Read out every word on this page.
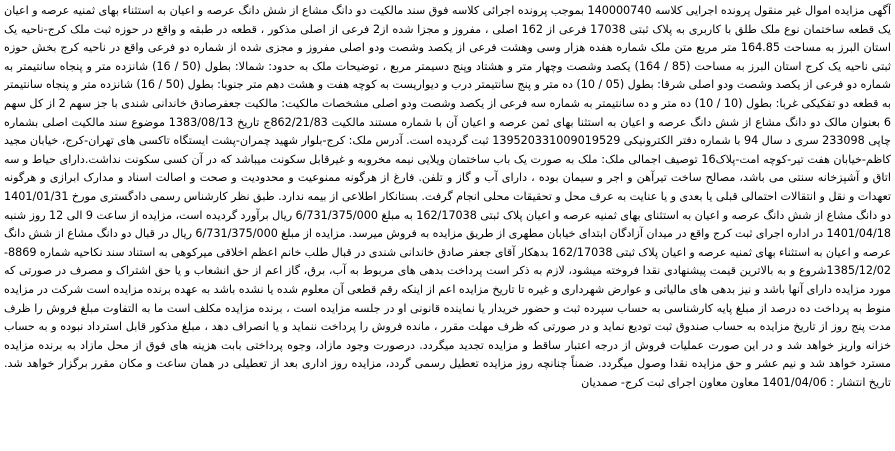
آگهی مزایده اموال غیر منقول پرونده اجرایی کلاسه 140000740 بموجب پرونده اجرائی کلاسه فوق سند مالکیت دو دانگ مشاع از شش دانگ عرصه و اعیان به استثناء بهای ثمنیه عرصه و اعیان یک قطعه ساختمان نوع ملک طلق با کاربری به پلاک ثبتی 17038 فرعی از 162 اصلی ، مفروز و مجزا شده از2 فرعی از اصلی مذکور ، قطعه در طبقه و واقع در حوزه ثبت ملک کرج-ناحیه یک استان البرز به مساحت 164.85 متر مربع متن ملک شماره هفده هزار وسی وهشت فرعی از یکصد وشصت ودو اصلی مفروز و مجزی شده از شماره دو فرعی واقع در ناحیه کرج بخش حوزه ثبتی ناحیه یک کرج استان البرز به مساحت (85 / 164) یکصد وشصت وچهار متر و هشتاد وپنج دسیمتر مربع ، توضیحات ملک به حدود: شمالا: بطول (50 / 16) شانزده متر و پنجاه سانتیمتر به شماره دو فرعی از یکصد وشصت ودو اصلی شرقا: بطول (05 / 10) ده متر و پنج سانتیمتر درب و دیواریست به کوچه هفت و هشت دهم متر جنوبا: بطول (50 / 16) شانزده متر و پنجاه سانتیمتر به قطعه دو تفکیکی غربا: بطول (10 / 10) ده متر و ده سانتیمتر به شماره سه فرعی از یکصد وشصت ودو اصلی مشخصات مالکیت: مالکیت جعفرصادق خاندانی شندی با جز سهم 2 از کل سهم 6 بعنوان مالک دو دانگ مشاع از شش دانگ عرصه و اعیان به استثنا بهای ثمن عرصه و اعیان آن با شماره مستند مالکیت 862/21/83ج تاریخ 1383/08/13 موضوع سند مالکیت اصلی بشماره چاپی 233098 سری د سال 94 با شماره دفتر الکترونیکی 139520331009019529 ثبت گردیده است. آدرس ملک: کرج-بلوار شهید چمران-پشت ایستگاه تاکسی های تهران-کرج، خیابان مجید کاظم-خیابان هفت تیر-کوچه امت-پلاک16 توصیف اجمالی ملک: ملک به صورت یک باب ساختمان ویلایی نیمه مخروبه و غیرقابل سکونت میباشد که در آن کسی سکونت نداشت.دارای حیاط و سه اتاق و آشپزخانه سنتی می باشد، مصالح ساخت تیرآهن و اجر و سیمان بوده ، دارای آب و گاز و تلفن. فارغ از هرگونه ممنوعیت و محدودیت و صحت و اصالت اسناد و مدارک ابرازی و هرگونه تعهدات و نقل و انتقالات احتمالی قبلی یا بعدی و یا عنایت به عرف محل و تحقیقات محلی انجام گرفت. بستانکار اطلاعی از بیمه ندارد. طبق نظر کارشناس رسمی دادگستری مورخ 1401/01/31 دو دانگ مشاع از شش دانگ عرصه و اعیان به استثنای بهای ثمنیه عرصه و اعیان پلاک ثبتی 162/17038 به مبلغ 6/731/375/000 ریال برآورد گردیده است، مزایده از ساعت 9 الی 12 روز شنبه 1401/04/18 در اداره اجرای ثبت کرج واقع در میدان آزادگان ابتدای خیابان مطهری از طریق مزایده به فروش میرسد. مزایده از مبلغ 6/731/375/000 ریال در قبال دو دانگ مشاع از شش دانگ عرصه و اعیان به استثناء بهای ثمنیه عرصه و اعیان پلاک ثبتی 162/17038 بدهکار آقای جعفر صادق خاندانی شندی در قبال طلب خانم اعظم اخلاقی میرکوهی به استناد سند نکاحیه شماره 8869- 1385/12/02شروع و به بالاترین قیمت پیشنهادی نقدا فروخته میشود، لازم به ذکر است پرداخت بدهی های مربوط به آب، برق، گاز اعم از حق انشعاب و یا حق اشتراک و مصرف در صورتی که مورد مزایده دارای آنها باشد و نیز بدهی های مالیاتی و عوارض شهرداری و غیره تا تاریخ مزایده اعم از اینکه رقم قطعی آن معلوم شده یا نشده باشد به عهده برنده مزایده است شرکت در مزایده منوط به پرداخت ده درصد از مبلغ پایه کارشناسی به حساب سپرده ثبت و حضور خریدار یا نماینده قانونی او در جلسه مزایده است ، برنده مزایده مکلف است ما به التفاوت مبلغ فروش را ظرف مدت پنج روز از تاریخ مزایده به حساب صندوق ثبت تودیع نماید و در صورتی که ظرف مهلت مقرر ، مانده فروش را پرداخت ننماید و یا انصراف دهد ، مبلغ مذکور قابل استرداد نبوده و به حساب خزانه واریز خواهد شد و در این صورت عملیات فروش از درجه اعتبار ساقط و مزایده تجدید میگردد. درصورت وجود مازاد، وجوه پرداختی بابت هزینه های فوق از محل مازاد به برنده مزایده مسترد خواهد شد و نیم عشر و حق مزایده نقدا وصول میگردد. ضمناً چنانچه روز مزایده تعطیل رسمی گردد، مزایده روز اداری بعد از تعطیلی در همان ساعت و مکان مقرر برگزار خواهد شد. تاریخ انتشار : 1401/04/06 معاون معاون اجرای ثبت کرج- صمدیان
